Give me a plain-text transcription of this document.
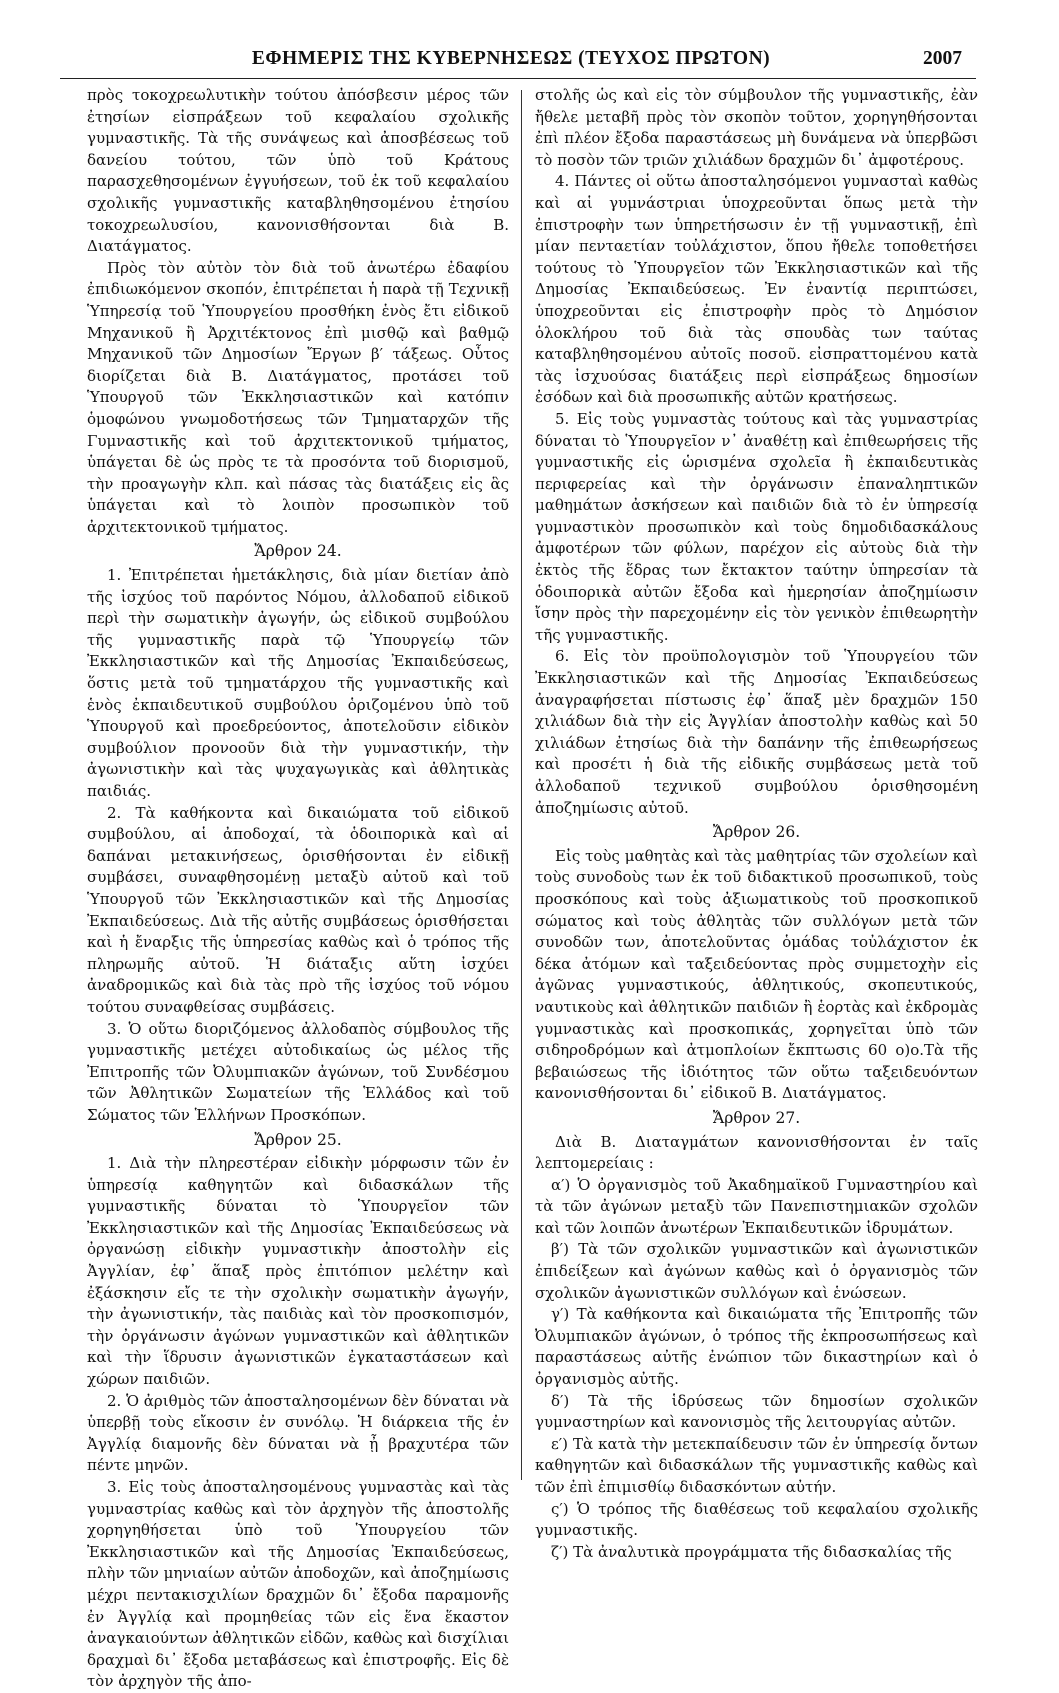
ΕΦΗΜΕΡΙΣ ΤΗΣ ΚΥΒΕΡΝΗΣΕΩΣ (ΤΕΥΧΟΣ ΠΡΩΤΟΝ)	2007

πρὸς τοκοχρεωλυτικὴν τούτου ἀπόσβεσιν μέρος τῶν ἐτησίων εἰσπράξεων τοῦ κεφαλαίου σχολικῆς γυμναστικῆς. Τὰ τῆς συνάψεως καὶ ἀποσβέσεως τοῦ δανείου τούτου, τῶν ὑπὸ τοῦ Κράτους παρασχεθησομένων ἐγγυήσεων, τοῦ ἐκ τοῦ κεφαλαίου σχολικῆς γυμναστικῆς καταβληθησομένου ἐτησίου τοκοχρεωλυσίου, κανονισθήσονται διὰ Β. Διατάγματος.

Πρὸς τὸν αὐτὸν τὸν διὰ τοῦ ἀνωτέρω ἐδαφίου ἐπιδιωκόμενον σκοπόν, ἐπιτρέπεται ἡ παρὰ τῇ Τεχνικῇ Ὑπηρεσίᾳ τοῦ Ὑπουργείου προσθήκη ἑνὸς ἔτι εἰδικοῦ Μηχανικοῦ ἢ Ἀρχιτέκτονος ἐπὶ μισθῷ καὶ βαθμῷ Μηχανικοῦ τῶν Δημοσίων Ἔργων β′ τάξεως. Οὗτος διορίζεται διὰ Β. Διατάγματος, προτάσει τοῦ Ὑπουργοῦ τῶν Ἐκκλησιαστικῶν καὶ κατόπιν ὁμοφώνου γνωμοδοτήσεως τῶν Τμηματαρχῶν τῆς Γυμναστικῆς καὶ τοῦ ἀρχιτεκτονικοῦ τμήματος, ὑπάγεται δὲ ὡς πρὸς τε τὰ προσόντα τοῦ διορισμοῦ, τὴν προαγωγὴν κλπ. καὶ πάσας τὰς διατάξεις εἰς ἃς ὑπάγεται καὶ τὸ λοιπὸν προσωπικὸν τοῦ ἀρχιτεκτονικοῦ τμήματος.

Ἄρθρον 24.

1. Ἐπιτρέπεται ἡμετάκλησις, διὰ μίαν διετίαν ἀπὸ τῆς ἰσχύος τοῦ παρόντος Νόμου, ἀλλοδαποῦ εἰδικοῦ περὶ τὴν σωματικὴν ἀγωγήν, ὡς εἰδικοῦ συμβούλου τῆς γυμναστικῆς παρὰ τῷ Ὑπουργείῳ τῶν Ἐκκλησιαστικῶν καὶ τῆς Δημοσίας Ἐκπαιδεύσεως, ὅστις μετὰ τοῦ τμηματάρχου τῆς γυμναστικῆς καὶ ἑνὸς ἐκπαιδευτικοῦ συμβούλου ὁριζομένου ὑπὸ τοῦ Ὑπουργοῦ καὶ προεδρεύοντος, ἀποτελοῦσιν εἰδικὸν συμβούλιον προνοοῦν διὰ τὴν γυμναστικήν, τὴν ἀγωνιστικὴν καὶ τὰς ψυχαγωγικὰς καὶ ἀθλητικὰς παιδιάς.

2. Τὰ καθήκοντα καὶ δικαιώματα τοῦ εἰδικοῦ συμβούλου, αἱ ἀποδοχαί, τὰ ὁδοιπορικὰ καὶ αἱ δαπάναι μετακινήσεως, ὁρισθήσονται ἐν εἰδικῇ συμβάσει, συναφθησομένῃ μεταξὺ αὐτοῦ καὶ τοῦ Ὑπουργοῦ τῶν Ἐκκλησιαστικῶν καὶ τῆς Δημοσίας Ἐκπαιδεύσεως. Διὰ τῆς αὐτῆς συμβάσεως ὁρισθήσεται καὶ ἡ ἔναρξις τῆς ὑπηρεσίας καθὼς καὶ ὁ τρόπος τῆς πληρωμῆς αὐτοῦ. Ἡ διάταξις αὕτη ἰσχύει ἀναδρομικῶς καὶ διὰ τὰς πρὸ τῆς ἰσχύος τοῦ νόμου τούτου συναφθείσας συμβάσεις.

3. Ὁ οὕτω διοριζόμενος ἀλλοδαπὸς σύμβουλος τῆς γυμναστικῆς μετέχει αὐτοδικαίως ὡς μέλος τῆς Ἐπιτροπῆς τῶν Ὀλυμπιακῶν ἀγώνων, τοῦ Συνδέσμου τῶν Ἀθλητικῶν Σωματείων τῆς Ἑλλάδος καὶ τοῦ Σώματος τῶν Ἑλλήνων Προσκόπων.

Ἄρθρον 25.

1. Διὰ τὴν πληρεστέραν εἰδικὴν μόρφωσιν τῶν ἐν ὑπηρεσίᾳ καθηγητῶν καὶ διδασκάλων τῆς γυμναστικῆς δύναται τὸ Ὑπουργεῖον τῶν Ἐκκλησιαστικῶν καὶ τῆς Δημοσίας Ἐκπαιδεύσεως νὰ ὀργανώσῃ εἰδικὴν γυμναστικὴν ἀποστολὴν εἰς Ἀγγλίαν, ἐφ᾽ ἅπαξ πρὸς ἐπιτόπιον μελέτην καὶ ἐξάσκησιν εἴς τε τὴν σχολικὴν σωματικὴν ἀγωγήν, τὴν ἀγωνιστικήν, τὰς παιδιὰς καὶ τὸν προσκοπισμόν, τὴν ὀργάνωσιν ἀγώνων γυμναστικῶν καὶ ἀθλητικῶν καὶ τὴν ἵδρυσιν ἀγωνιστικῶν ἐγκαταστάσεων καὶ χώρων παιδιῶν.

2. Ὁ ἀριθμὸς τῶν ἀποσταλησομένων δὲν δύναται νὰ ὑπερβῇ τοὺς εἴκοσιν ἐν συνόλῳ. Ἡ διάρκεια τῆς ἐν Ἀγγλίᾳ διαμονῆς δὲν δύναται νὰ ᾖ βραχυτέρα τῶν πέντε μηνῶν.

3. Εἰς τοὺς ἀποσταλησομένους γυμναστὰς καὶ τὰς γυμναστρίας καθὼς καὶ τὸν ἀρχηγὸν τῆς ἀποστολῆς χορηγηθήσεται ὑπὸ τοῦ Ὑπουργείου τῶν Ἐκκλησιαστικῶν καὶ τῆς Δημοσίας Ἐκπαιδεύσεως, πλὴν τῶν μηνιαίων αὐτῶν ἀποδοχῶν, καὶ ἀποζημίωσις μέχρι πεντακισχιλίων δραχμῶν δι᾽ ἔξοδα παραμονῆς ἐν Ἀγγλίᾳ καὶ προμηθείας τῶν εἰς ἕνα ἕκαστον ἀναγκαιούντων ἀθλητικῶν εἰδῶν, καθὼς καὶ δισχίλιαι δραχμαὶ δι᾽ ἔξοδα μεταβάσεως καὶ ἐπιστροφῆς. Εἰς δὲ τὸν ἀρχηγὸν τῆς ἀπο-

στολῆς ὡς καὶ εἰς τὸν σύμβουλον τῆς γυμναστικῆς, ἐὰν ἤθελε μεταβῆ πρὸς τὸν σκοπὸν τοῦτον, χορηγηθήσονται ἐπὶ πλέον ἔξοδα παραστάσεως μὴ δυνάμενα νὰ ὑπερβῶσι τὸ ποσὸν τῶν τριῶν χιλιάδων δραχμῶν δι᾽ ἀμφοτέρους.

4. Πάντες οἱ οὕτω ἀποσταλησόμενοι γυμνασταὶ καθὼς καὶ αἱ γυμνάστριαι ὑποχρεοῦνται ὅπως μετὰ τὴν ἐπιστροφὴν των ὑπηρετήσωσιν ἐν τῇ γυμναστικῇ, ἐπὶ μίαν πενταετίαν τοὐλάχιστον, ὅπου ἤθελε τοποθετήσει τούτους τὸ Ὑπουργεῖον τῶν Ἐκκλησιαστικῶν καὶ τῆς Δημοσίας Ἐκπαιδεύσεως. Ἐν ἐναντίᾳ περιπτώσει, ὑποχρεοῦνται εἰς ἐπιστροφὴν πρὸς τὸ Δημόσιον ὁλοκλήρου τοῦ διὰ τὰς σπουδὰς των ταύτας καταβληθησομένου αὐτοῖς ποσοῦ. εἰσπραττομένου κατὰ τὰς ἰσχυούσας διατάξεις περὶ εἰσπράξεως δημοσίων ἐσόδων καὶ διὰ προσωπικῆς αὐτῶν κρατήσεως.

5. Εἰς τοὺς γυμναστὰς τούτους καὶ τὰς γυμναστρίας δύναται τὸ Ὑπουργεῖον ν᾽ ἀναθέτῃ καὶ ἐπιθεωρήσεις τῆς γυμναστικῆς εἰς ὡρισμένα σχολεῖα ἢ ἐκπαιδευτικὰς περιφερείας καὶ τὴν ὀργάνωσιν ἐπαναληπτικῶν μαθημάτων ἀσκήσεων καὶ παιδιῶν διὰ τὸ ἐν ὑπηρεσίᾳ γυμναστικὸν προσωπικὸν καὶ τοὺς δημοδιδασκάλους ἀμφοτέρων τῶν φύλων, παρέχον εἰς αὐτοὺς διὰ τὴν ἐκτὸς τῆς ἕδρας των ἔκτακτον ταύτην ὑπηρεσίαν τὰ ὁδοιπορικὰ αὐτῶν ἔξοδα καὶ ἡμερησίαν ἀποζημίωσιν ἴσην πρὸς τὴν παρεχομένην εἰς τὸν γενικὸν ἐπιθεωρητὴν τῆς γυμναστικῆς.

6. Εἰς τὸν προϋπολογισμὸν τοῦ Ὑπουργείου τῶν Ἐκκλησιαστικῶν καὶ τῆς Δημοσίας Ἐκπαιδεύσεως ἀναγραφήσεται πίστωσις ἐφ᾽ ἅπαξ μὲν δραχμῶν 150 χιλιάδων διὰ τὴν εἰς Ἀγγλίαν ἀποστολὴν καθὼς καὶ 50 χιλιάδων ἐτησίως διὰ τὴν δαπάνην τῆς ἐπιθεωρήσεως καὶ προσέτι ἡ διὰ τῆς εἰδικῆς συμβάσεως μετὰ τοῦ ἀλλοδαποῦ τεχνικοῦ συμβούλου ὁρισθησομένη ἀποζημίωσις αὐτοῦ.

Ἄρθρον 26.

Εἰς τοὺς μαθητὰς καὶ τὰς μαθητρίας τῶν σχολείων καὶ τοὺς συνοδοὺς των ἐκ τοῦ διδακτικοῦ προσωπικοῦ, τοὺς προσκόπους καὶ τοὺς ἀξιωματικοὺς τοῦ προσκοπικοῦ σώματος καὶ τοὺς ἀθλητὰς τῶν συλλόγων μετὰ τῶν συνοδῶν των, ἀποτελοῦντας ὁμάδας τοὐλάχιστον ἐκ δέκα ἀτόμων καὶ ταξειδεύοντας πρὸς συμμετοχὴν εἰς ἀγῶνας γυμναστικούς, ἀθλητικούς, σκοπευτικούς, ναυτικοὺς καὶ ἀθλητικῶν παιδιῶν ἢ ἑορτὰς καὶ ἐκδρομὰς γυμναστικὰς καὶ προσκοπικάς, χορηγεῖται ὑπὸ τῶν σιδηροδρόμων καὶ ἀτμοπλοίων ἔκπτωσις 60 ο)ο.Τὰ τῆς βεβαιώσεως τῆς ἰδιότητος τῶν οὕτω ταξειδευόντων κανονισθήσονται δι᾽ εἰδικοῦ Β. Διατάγματος.

Ἄρθρον 27.

Διὰ Β. Διαταγμάτων κανονισθήσονται ἐν ταῖς λεπτομερείαις :

α′) Ὁ ὀργανισμὸς τοῦ Ἀκαδημαϊκοῦ Γυμναστηρίου καὶ τὰ τῶν ἀγώνων μεταξὺ τῶν Πανεπιστημιακῶν σχολῶν καὶ τῶν λοιπῶν ἀνωτέρων Ἐκπαιδευτικῶν ἱδρυμάτων.

β′) Τὰ τῶν σχολικῶν γυμναστικῶν καὶ ἀγωνιστικῶν ἐπιδείξεων καὶ ἀγώνων καθὼς καὶ ὁ ὀργανισμὸς τῶν σχολικῶν ἀγωνιστικῶν συλλόγων καὶ ἑνώσεων.

γ′) Τὰ καθήκοντα καὶ δικαιώματα τῆς Ἐπιτροπῆς τῶν Ὀλυμπιακῶν ἀγώνων, ὁ τρόπος τῆς ἐκπροσωπήσεως καὶ παραστάσεως αὐτῆς ἐνώπιον τῶν δικαστηρίων καὶ ὁ ὀργανισμὸς αὐτῆς.

δ′) Τὰ τῆς ἱδρύσεως τῶν δημοσίων σχολικῶν γυμναστηρίων καὶ κανονισμὸς τῆς λειτουργίας αὐτῶν.

ε′) Τὰ κατὰ τὴν μετεκπαίδευσιν τῶν ἐν ὑπηρεσίᾳ ὄντων καθηγητῶν καὶ διδασκάλων τῆς γυμναστικῆς καθὼς καὶ τῶν ἐπὶ ἐπιμισθίῳ διδασκόντων αὐτήν.

ς′) Ὁ τρόπος τῆς διαθέσεως τοῦ κεφαλαίου σχολικῆς γυμναστικῆς.

ζ′) Τὰ ἀναλυτικὰ προγράμματα τῆς διδασκαλίας τῆς
